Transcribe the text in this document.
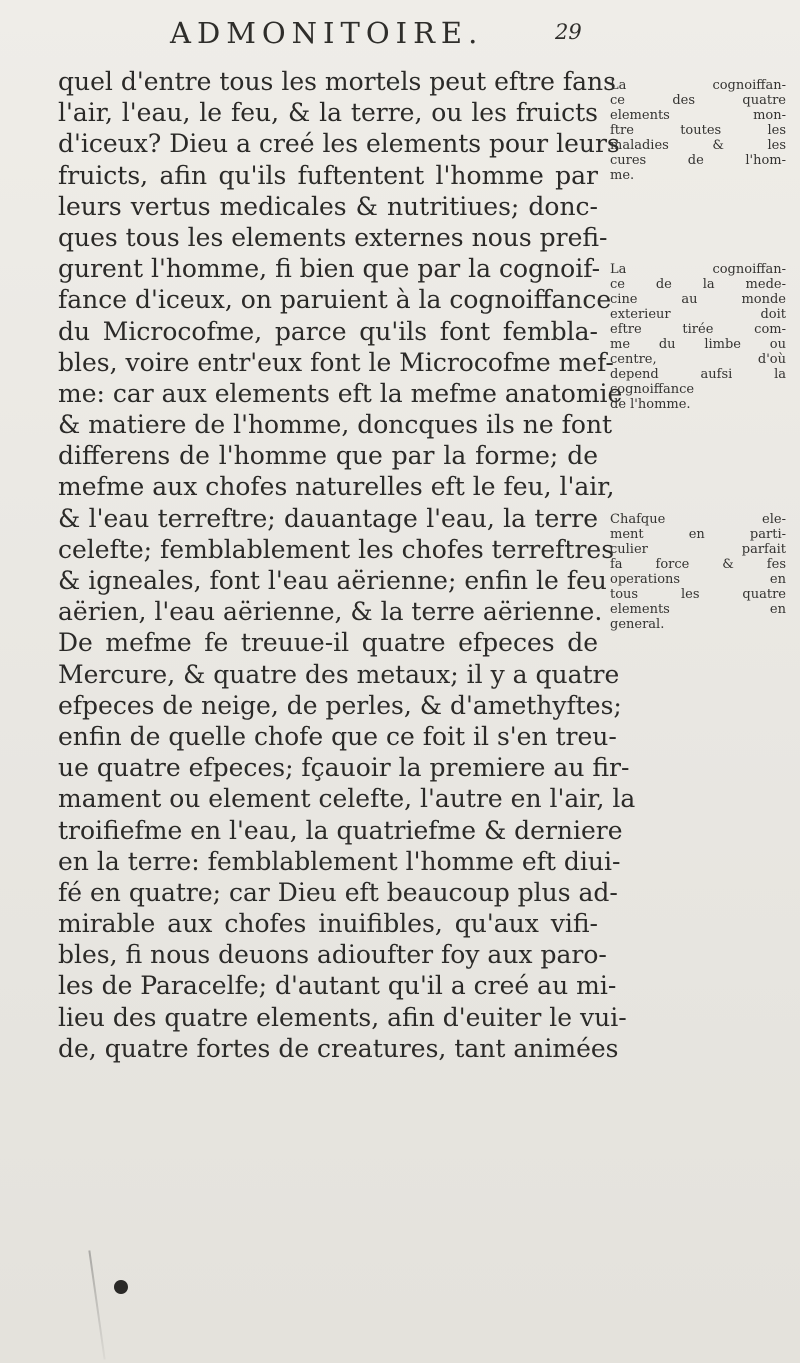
ADMONITOIRE.	29
quel d'entre tous les mortels peut eftre fans
l'air, l'eau, le feu, & la terre, ou les fruicts
d'iceux? Dieu a creé les elements pour leurs
fruicts, afin qu'ils fuftentent l'homme par
leurs vertus medicales & nutritiues; donc-
ques tous les elements externes nous prefi-
gurent l'homme, fi bien que par la cognoif-
fance d'iceux, on paruient à la cognoiffance
du Microcofme, parce qu'ils font fembla-
bles, voire entr'eux font le Microcofme mef-
me: car aux elements eft la mefme anatomie
& matiere de l'homme, doncques ils ne font
differens de l'homme que par la forme; de
mefme aux chofes naturelles eft le feu, l'air,
& l'eau terreftre; dauantage l'eau, la terre
celefte; femblablement les chofes terreftres
& igneales, font l'eau aërienne; enfin le feu
aërien, l'eau aërienne, & la terre aërienne.
De mefme fe treuue-il quatre efpeces de
Mercure, & quatre des metaux; il y a quatre
efpeces de neige, de perles, & d'amethyftes;
enfin de quelle chofe que ce foit il s'en treu-
ue quatre efpeces; fçauoir la premiere au fir-
mament ou element celefte, l'autre en l'air, la
troifiefme en l'eau, la quatriefme & derniere
en la terre: femblablement l'homme eft diui-
fé en quatre; car Dieu eft beaucoup plus ad-
mirable aux chofes inuifibles, qu'aux vifi-
bles, fi nous deuons adioufter foy aux paro-
les de Paracelfe; d'autant qu'il a creé au mi-
lieu des quatre elements, afin d'euiter le vui-
de, quatre fortes de creatures, tant animées
La cognoiffan-
ce des quatre
elements mon-
ftre toutes les
maladies & les
cures de l'hom-
me.
La cognoiffan-
ce de la mede-
cine au monde
exterieur doit
eftre tirée com-
me du limbe ou
centre, d'où
depend aufsi la
cognoiffance
de l'homme.
Chafque ele-
ment en parti-
culier parfait
fa force & fes
operations en
tous les quatre
elements en
general.
